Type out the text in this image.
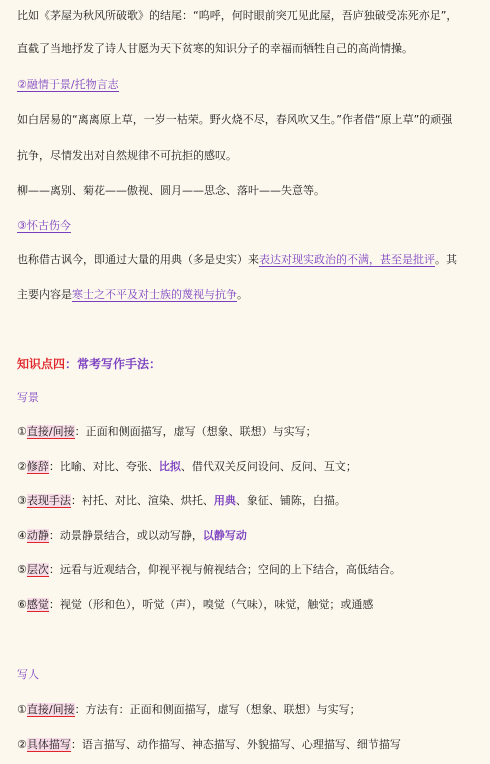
比如《茅屋为秋风所破歌》的结尾：“呜呼，何时眼前突兀见此屋，吾庐独破受冻死亦足”，
直截了当地抒发了诗人甘愿为天下贫寒的知识分子的幸福而牺牲自己的高尚情操。
②融情于景/托物言志
如白居易的“离离原上草，一岁一枯荣。野火烧不尽，春风吹又生。”作者借“原上草”的顽强
抗争，尽情发出对自然规律不可抗拒的感叹。
柳——离别、菊花——傲视、圆月——思念、落叶——失意等。
③怀古伤今
也称借古讽今，即通过大量的用典（多是史实）来表达对现实政治的不满，甚至是批评。其
主要内容是寒士之不平及对士族的蔑视与抗争。
知识点四：常考写作手法：
写景
①直接/间接：正面和侧面描写，虚写（想象、联想）与实写；
②修辞：比喻、对比、夸张、比拟、借代双关反问设问、反问、互文；
③表现手法：衬托、对比、渲染、烘托、用典、象征、铺陈，白描。
④动静：动景静景结合，或以动写静，以静写动
⑤层次：远看与近观结合，仰视平视与俯视结合；空间的上下结合，高低结合。
⑥感觉：视觉（形和色），听觉（声），嗅觉（气味），味觉，触觉；或通感
写人
①直接/间接：方法有：正面和侧面描写，虚写（想象、联想）与实写；
②具体描写：语言描写、动作描写、神态描写、外貌描写、心理描写、细节描写
